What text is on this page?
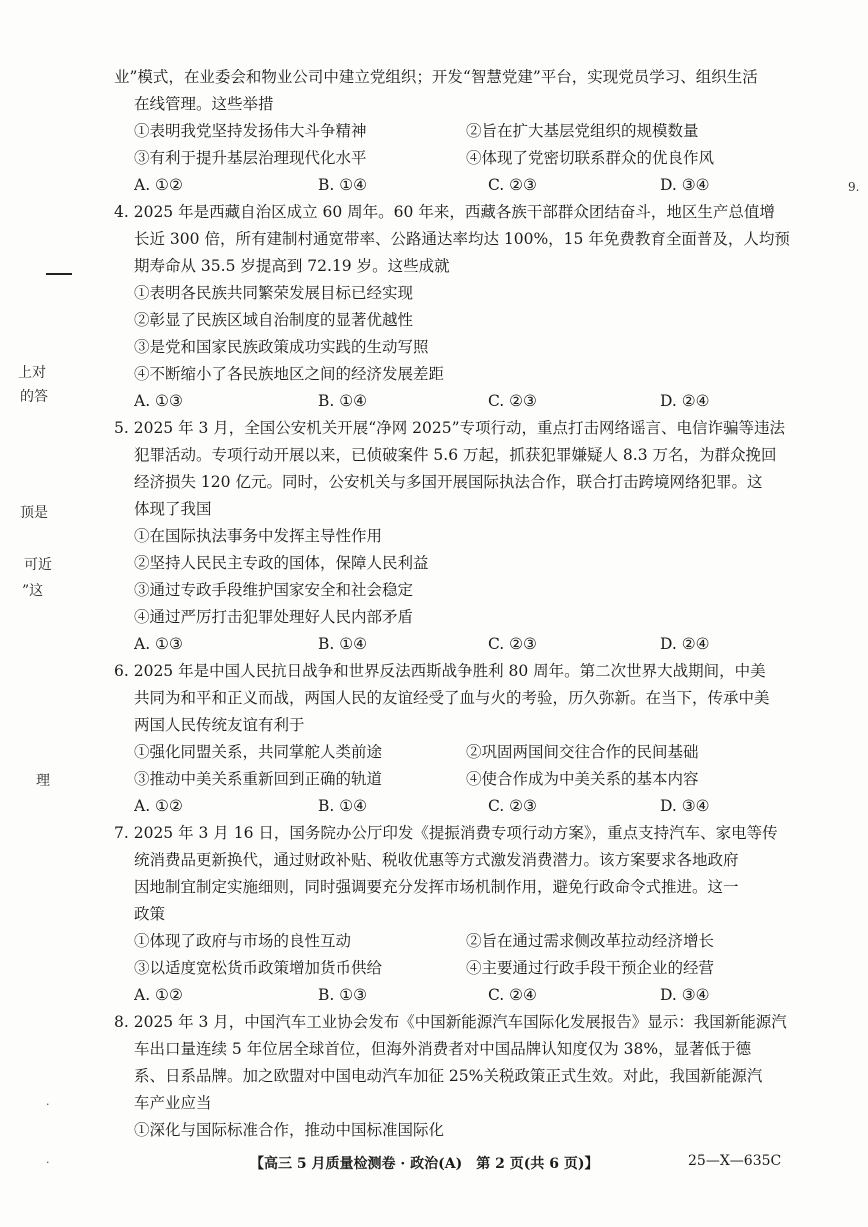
上对
的答
顶是
可近
”这
理
9.
·
·
业”模式，在业委会和物业公司中建立党组织；开发“智慧党建”平台，实现党员学习、组织生活
在线管理。这些举措
①表明我党坚持发扬伟大斗争精神	②旨在扩大基层党组织的规模数量
③有利于提升基层治理现代化水平	④体现了党密切联系群众的优良作风
A. ①②	B. ①④	C. ②③	D. ③④
4. 2025 年是西藏自治区成立 60 周年。60 年来，西藏各族干部群众团结奋斗，地区生产总值增
长近 300 倍，所有建制村通宽带率、公路通达率均达 100%，15 年免费教育全面普及，人均预
期寿命从 35.5 岁提高到 72.19 岁。这些成就
①表明各民族共同繁荣发展目标已经实现
②彰显了民族区域自治制度的显著优越性
③是党和国家民族政策成功实践的生动写照
④不断缩小了各民族地区之间的经济发展差距
A. ①③	B. ①④	C. ②③	D. ②④
5. 2025 年 3 月，全国公安机关开展“净网 2025”专项行动，重点打击网络谣言、电信诈骗等违法
犯罪活动。专项行动开展以来，已侦破案件 5.6 万起，抓获犯罪嫌疑人 8.3 万名，为群众挽回
经济损失 120 亿元。同时，公安机关与多国开展国际执法合作，联合打击跨境网络犯罪。这
体现了我国
①在国际执法事务中发挥主导性作用
②坚持人民民主专政的国体，保障人民利益
③通过专政手段维护国家安全和社会稳定
④通过严厉打击犯罪处理好人民内部矛盾
A. ①③	B. ①④	C. ②③	D. ②④
6. 2025 年是中国人民抗日战争和世界反法西斯战争胜利 80 周年。第二次世界大战期间，中美
共同为和平和正义而战，两国人民的友谊经受了血与火的考验，历久弥新。在当下，传承中美
两国人民传统友谊有利于
①强化同盟关系，共同掌舵人类前途	②巩固两国间交往合作的民间基础
③推动中美关系重新回到正确的轨道	④使合作成为中美关系的基本内容
A. ①②	B. ①④	C. ②③	D. ③④
7. 2025 年 3 月 16 日，国务院办公厅印发《提振消费专项行动方案》，重点支持汽车、家电等传
统消费品更新换代，通过财政补贴、税收优惠等方式激发消费潜力。该方案要求各地政府
因地制宜制定实施细则，同时强调要充分发挥市场机制作用，避免行政命令式推进。这一
政策
①体现了政府与市场的良性互动	②旨在通过需求侧改革拉动经济增长
③以适度宽松货币政策增加货币供给	④主要通过行政手段干预企业的经营
A. ①②	B. ①③	C. ②④	D. ③④
8. 2025 年 3 月，中国汽车工业协会发布《中国新能源汽车国际化发展报告》显示：我国新能源汽
车出口量连续 5 年位居全球首位，但海外消费者对中国品牌认知度仅为 38%，显著低于德
系、日系品牌。加之欧盟对中国电动汽车加征 25%关税政策正式生效。对此，我国新能源汽
车产业应当
①深化与国际标准合作，推动中国标准国际化
【高三 5 月质量检测卷 · 政治(A)　第 2 页(共 6 页)】	25—X—635C
